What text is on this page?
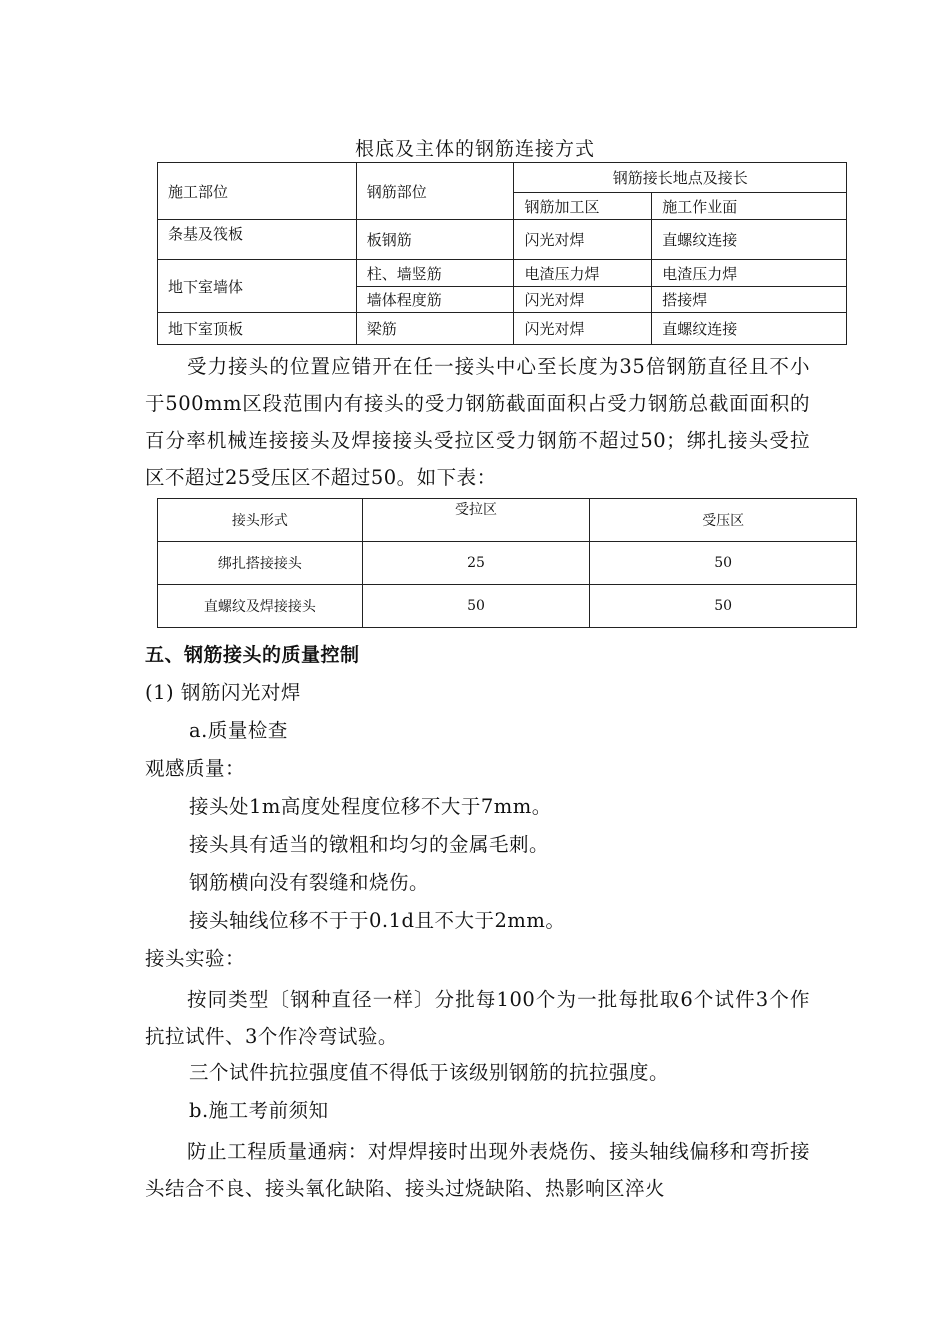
根底及主体的钢筋连接方式
施工部位	钢筋部位	钢筋接长地点及接长	
		钢筋加工区	施工作业面
条基及筏板	板钢筋	闪光对焊	直螺纹连接
地下室墙体	柱、墙竖筋	电渣压力焊	电渣压力焊
	墙体程度筋	闪光对焊	搭接焊
地下室顶板	梁筋	闪光对焊	直螺纹连接
受力接头的位置应错开在任一接头中心至长度为35倍钢筋直径且不小于500mm区段范围内有接头的受力钢筋截面面积占受力钢筋总截面面积的百分率机械连接接头及焊接接头受拉区受力钢筋不超过50；绑扎接头受拉区不超过25受压区不超过50。如下表：
接头形式	受拉区	受压区
绑扎搭接接头	25	50
直螺纹及焊接接头	50	50
五、钢筋接头的质量控制
(1) 钢筋闪光对焊
a.质量检查
观感质量：
接头处1m高度处程度位移不大于7mm。
接头具有适当的镦粗和均匀的金属毛刺。
钢筋横向没有裂缝和烧伤。
接头轴线位移不于于0.1d且不大于2mm。
接头实验：
按同类型〔钢种直径一样〕分批每100个为一批每批取6个试件3个作抗拉试件、3个作冷弯试验。
三个试件抗拉强度值不得低于该级别钢筋的抗拉强度。
b.施工考前须知
防止工程质量通病：对焊焊接时出现外表烧伤、接头轴线偏移和弯折接头结合不良、接头氧化缺陷、接头过烧缺陷、热影响区淬火
